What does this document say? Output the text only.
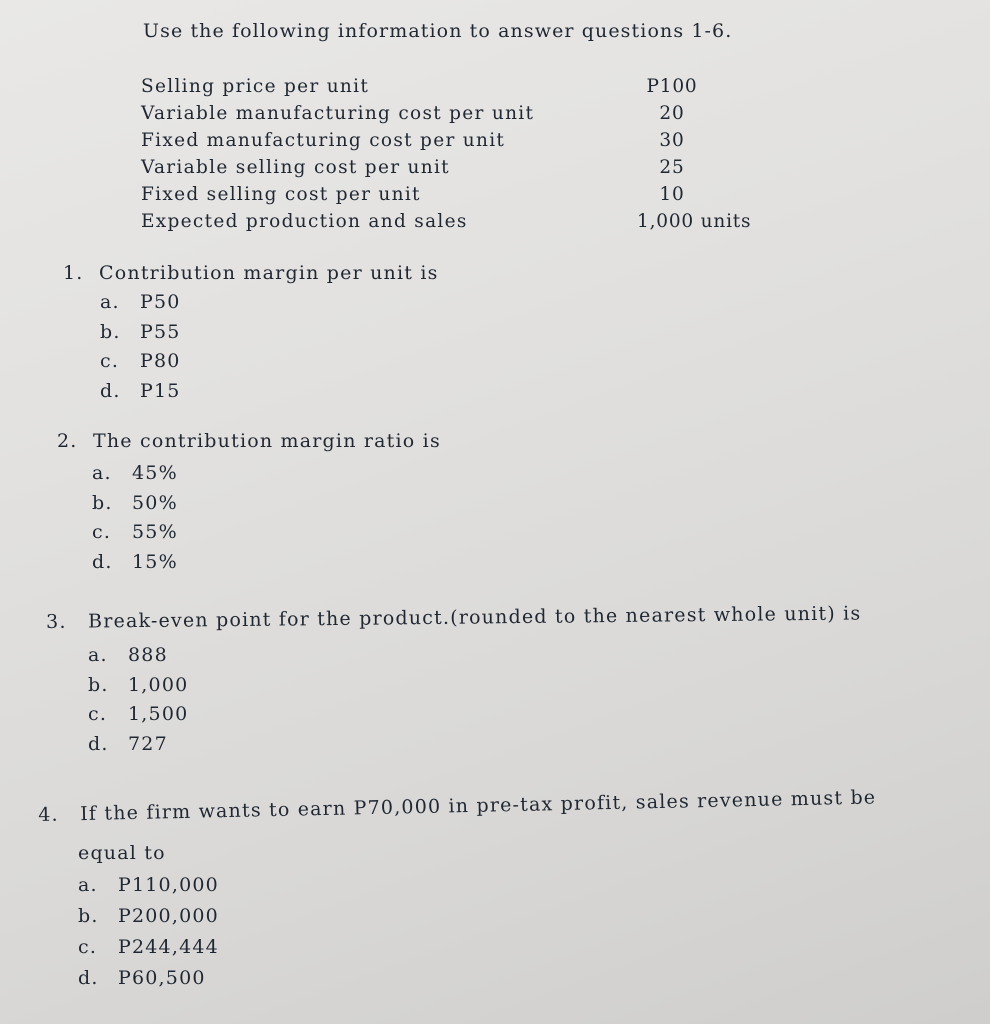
Use the following information to answer questions 1-6.
Selling price per unit	P100
Variable manufacturing cost per unit	20
Fixed manufacturing cost per unit	30
Variable selling cost per unit	25
Fixed selling cost per unit	10
Expected production and sales	1,000 units
1. Contribution margin per unit is
a. P50
b. P55
c. P80
d. P15
2. The contribution margin ratio is
a. 45%
b. 50%
c. 55%
d. 15%
3. Break-even point for the product.(rounded to the nearest whole unit) is
a. 888
b. 1,000
c. 1,500
d. 727
4. If the firm wants to earn P70,000 in pre-tax profit, sales revenue must be
equal to
a. P110,000
b. P200,000
c. P244,444
d. P60,500
